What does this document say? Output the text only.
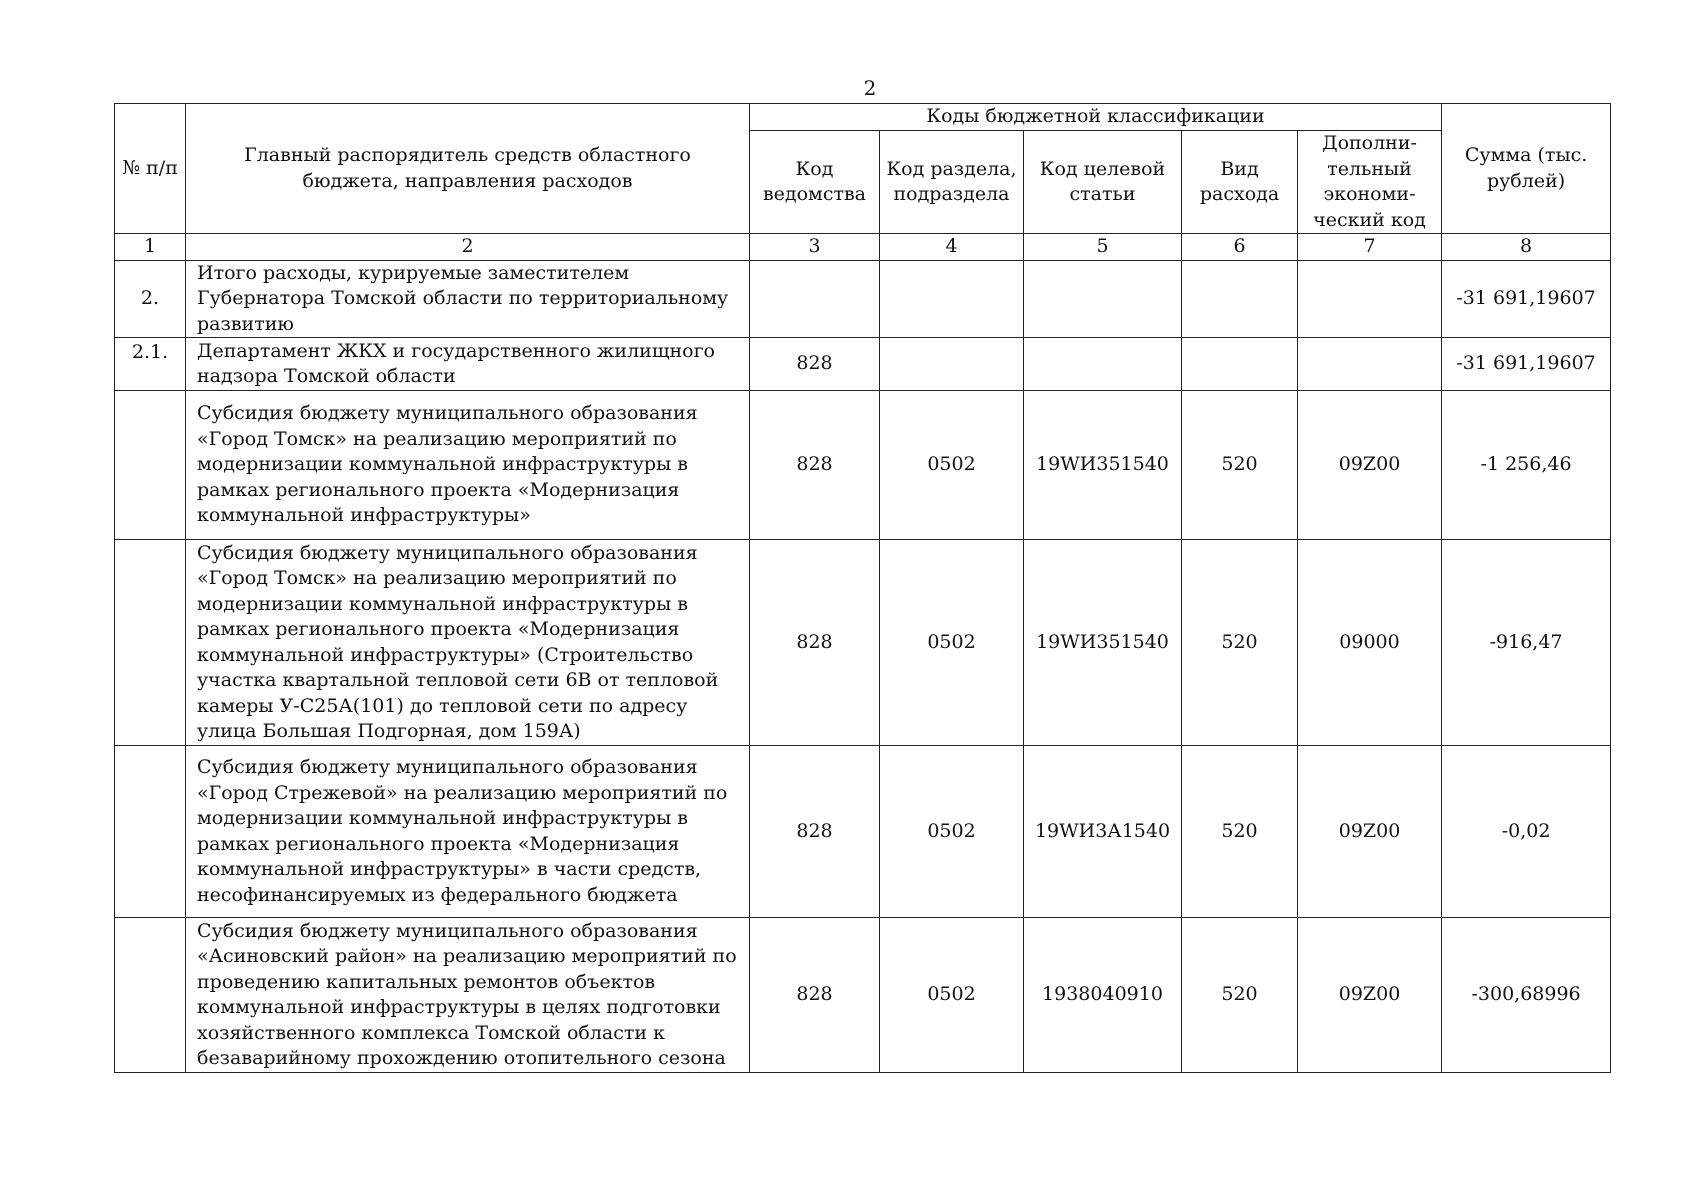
2
№ п/п	Главный распорядитель средств областного бюджета, направления расходов	Коды бюджетной классификации					Сумма (тыс. рублей)
		Код ведомства	Код раздела, подраздела	Код целевой статьи	Вид расхода	Дополни-тельный экономи-ческий код	
1	2	3	4	5	6	7	8
2.	Итого расходы, курируемые заместителем Губернатора Томской области по территориальному развитию						-31 691,19607
2.1.	Департамент ЖКХ и государственного жилищного надзора Томской области	828					-31 691,19607
	Субсидия бюджету муниципального образования «Город Томск» на реализацию мероприятий по модернизации коммунальной инфраструктуры в рамках регионального проекта «Модернизация коммунальной инфраструктуры»	828	0502	19WИ351540	520	09Z00	-1 256,46
	Субсидия бюджету муниципального образования «Город Томск» на реализацию мероприятий по модернизации коммунальной инфраструктуры в рамках регионального проекта «Модернизация коммунальной инфраструктуры» (Строительство участка квартальной тепловой сети 6В от тепловой камеры У-С25А(101) до тепловой сети по адресу улица Большая Подгорная, дом 159А)	828	0502	19WИ351540	520	09000	-916,47
	Субсидия бюджету муниципального образования «Город Стрежевой» на реализацию мероприятий по модернизации коммунальной инфраструктуры в рамках регионального проекта «Модернизация коммунальной инфраструктуры» в части средств, несофинансируемых из федерального бюджета	828	0502	19WИ3А1540	520	09Z00	-0,02
	Субсидия бюджету муниципального образования «Асиновский район» на реализацию мероприятий по проведению капитальных ремонтов объектов коммунальной инфраструктуры в целях подготовки хозяйственного комплекса Томской области к безаварийному прохождению отопительного сезона	828	0502	1938040910	520	09Z00	-300,68996
